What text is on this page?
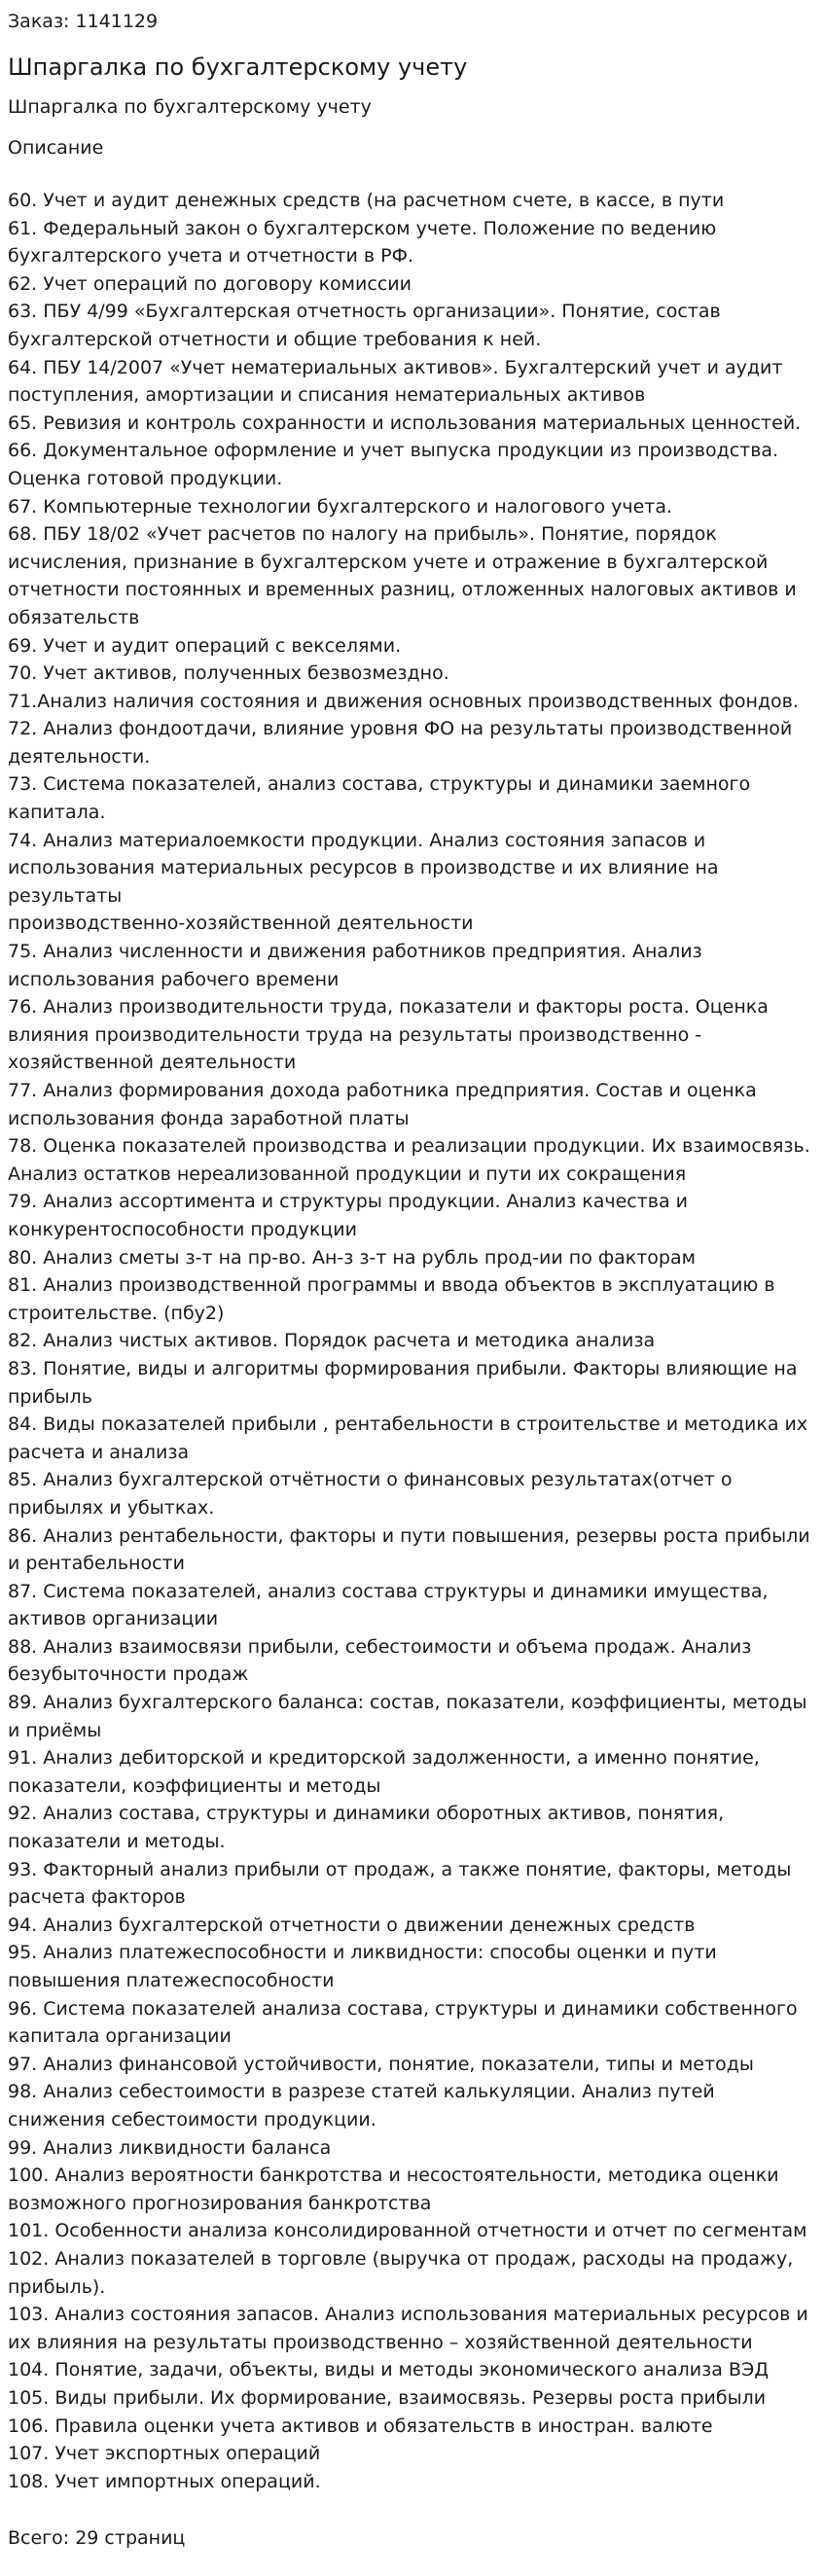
Заказ: 1141129
Шпаргалка по бухгалтерскому учету
Шпаргалка по бухгалтерскому учету
Описание
60. Учет и аудит денежных средств (на расчетном счете, в кассе, в пути
61. Федеральный закон о бухгалтерском учете. Положение по ведению
бухгалтерского учета и отчетности в РФ.
62. Учет операций по договору комиссии
63. ПБУ 4/99 «Бухгалтерская отчетность организации». Понятие, состав
бухгалтерской отчетности и общие требования к ней.
64. ПБУ 14/2007 «Учет нематериальных активов». Бухгалтерский учет и аудит
поступления, амортизации и списания нематериальных активов
65. Ревизия и контроль сохранности и использования материальных ценностей.
66. Документальное оформление и учет выпуска продукции из производства.
Оценка готовой продукции.
67. Компьютерные технологии бухгалтерского и налогового учета.
68. ПБУ 18/02 «Учет расчетов по налогу на прибыль». Понятие, порядок
исчисления, признание в бухгалтерском учете и отражение в бухгалтерской
отчетности постоянных и временных разниц, отложенных налоговых активов и
обязательств
69. Учет и аудит операций с векселями.
70. Учет активов, полученных безвозмездно.
71.Анализ наличия состояния и движения основных производственных фондов.
72. Анализ фондоотдачи, влияние уровня ФО на результаты производственной
деятельности.
73. Система показателей, анализ состава, структуры и динамики заемного
капитала.
74. Анализ материалоемкости продукции. Анализ состояния запасов и
использования материальных ресурсов в производстве и их влияние на
результаты
производственно-хозяйственной деятельности
75. Анализ численности и движения работников предприятия. Анализ
использования рабочего времени
76. Анализ производительности труда, показатели и факторы роста. Оценка
влияния производительности труда на результаты производственно -
хозяйственной деятельности
77. Анализ формирования дохода работника предприятия. Состав и оценка
использования фонда заработной платы
78. Оценка показателей производства и реализации продукции. Их взаимосвязь.
Анализ остатков нереализованной продукции и пути их сокращения
79. Анализ ассортимента и структуры продукции. Анализ качества и
конкурентоспособности продукции
80. Анализ сметы з-т на пр-во. Ан-з з-т на рубль прод-ии по факторам
81. Анализ производственной программы и ввода объектов в эксплуатацию в
строительстве. (пбу2)
82. Анализ чистых активов. Порядок расчета и методика анализа
83. Понятие, виды и алгоритмы формирования прибыли. Факторы влияющие на
прибыль
84. Виды показателей прибыли , рентабельности в строительстве и методика их
расчета и анализа
85. Анализ бухгалтерской отчётности о финансовых результатах(отчет о
прибылях и убытках.
86. Анализ рентабельности, факторы и пути повышения, резервы роста прибыли
и рентабельности
87. Система показателей, анализ состава структуры и динамики имущества,
активов организации
88. Анализ взаимосвязи прибыли, себестоимости и объема продаж. Анализ
безубыточности продаж
89. Анализ бухгалтерского баланса: состав, показатели, коэффициенты, методы
и приёмы
91. Анализ дебиторской и кредиторской задолженности, а именно понятие,
показатели, коэффициенты и методы
92. Анализ состава, структуры и динамики оборотных активов, понятия,
показатели и методы.
93. Факторный анализ прибыли от продаж, а также понятие, факторы, методы
расчета факторов
94. Анализ бухгалтерской отчетности о движении денежных средств
95. Анализ платежеспособности и ликвидности: способы оценки и пути
повышения платежеспособности
96. Система показателей анализа состава, структуры и динамики собственного
капитала организации
97. Анализ финансовой устойчивости, понятие, показатели, типы и методы
98. Анализ себестоимости в разрезе статей калькуляции. Анализ путей
снижения себестоимости продукции.
99. Анализ ликвидности баланса
100. Анализ вероятности банкротства и несостоятельности, методика оценки
возможного прогнозирования банкротства
101. Особенности анализа консолидированной отчетности и отчет по сегментам
102. Анализ показателей в торговле (выручка от продаж, расходы на продажу,
прибыль).
103. Анализ состояния запасов. Анализ использования материальных ресурсов и
их влияния на результаты производственно – хозяйственной деятельности
104. Понятие, задачи, объекты, виды и методы экономического анализа ВЭД
105. Виды прибыли. Их формирование, взаимосвязь. Резервы роста прибыли
106. Правила оценки учета активов и обязательств в иностран. валюте
107. Учет экспортных операций
108. Учет импортных операций.
Всего: 29 страниц
